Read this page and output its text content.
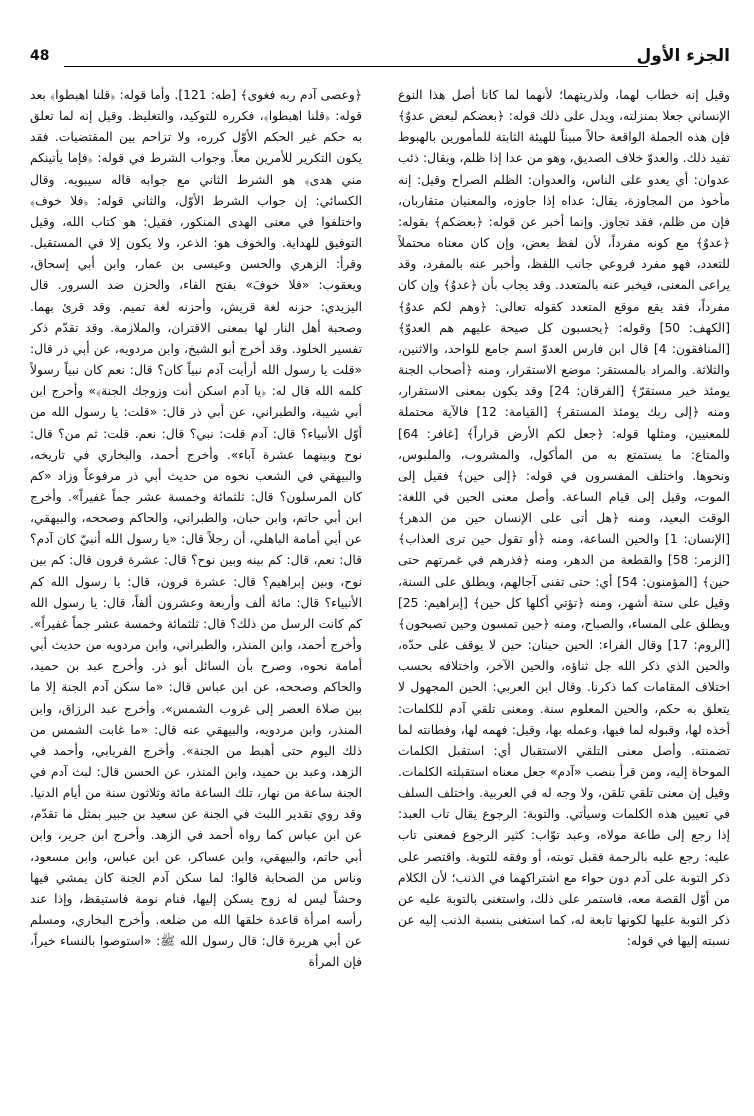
الجزء الأول
48

وقيل إنه خطاب لهما، ولذريتهما؛ لأنهما لما كانا أصل هذا النوع الإنساني جعلا بمنزلته، ويدل على ذلك قوله: ﴿بعضكم لبعض عدوٌ﴾ فإن هذه الجملة الواقعة حالاً مبيناً للهيئة الثابتة للمأمورين بالهبوط تفيد ذلك. والعدوّ خلاف الصديق، وهو من عدا إذا ظلم، ويقال: ذئب عدوان: أي يعدو على الناس، والعدوان: الظلم الصراح وقيل: إنه مأخوذ من المجاوزة، يقال: عداه إذا جاوزه، والمعنيان متقاربان، فإن من ظلم، فقد تجاوز. وإنما أخبر عن قوله: ﴿بعضكم﴾ بقوله: ﴿عدوٌ﴾ مع كونه مفرداً، لأن لفظ بعض، وإن كان معناه محتملاً للتعدد، فهو مفرد فروعي جانب اللفظ، وأخبر عنه بالمفرد، وقد يراعى المعنى، فيخبر عنه بالمتعدد. وقد يجاب بأن ﴿عدوٌ﴾ وإن كان مفرداً، فقد يقع موقع المتعدد كقوله تعالى: ﴿وهم لكم عدوٌ﴾ [الكهف: 50] وقوله: ﴿يحسبون كل صيحة عليهم هم العدوّ﴾ [المنافقون: 4] قال ابن فارس العدوّ اسم جامع للواحد، والاثنين، والثلاثة. والمراد بالمستقر: موضع الاستقرار، ومنه ﴿أصحاب الجنة يومئذ خير مستقرّ﴾ [الفرقان: 24] وقد يكون بمعنى الاستقرار، ومنه ﴿إلى ربك يومئذ المستقر﴾ [القيامة: 12] فالآية محتملة للمعنيين، ومثلها قوله: ﴿جعل لكم الأرض قراراً﴾ [غافر: 64] والمتاع: ما يستمتع به من المأكول، والمشروب، والملبوس، ونحوها. واختلف المفسرون في قوله: ﴿إلى حين﴾ فقيل إلى الموت، وقيل إلى قيام الساعة. وأصل معنى الحين في اللغة: الوقت البعيد، ومنه ﴿هل أتى على الإنسان حين من الدهر﴾ [الإنسان: 1] والحين الساعة، ومنه ﴿أو تقول حين ترى العذاب﴾ [الزمر: 58] والقطعة من الدهر، ومنه ﴿فذرهم في غمرتهم حتى حين﴾ [المؤمنون: 54] أي: حتى تفنى آجالهم، ويطلق على السنة، وقيل على ستة أشهر، ومنه ﴿تؤتي أكلها كل حين﴾ [إبراهيم: 25] ويطلق على المساء، والصباح، ومنه ﴿حين تمسون وحين تصبحون﴾ [الروم: 17] وقال الفراء: الحين حينان: حين لا يوقف على حدّه، والحين الذي ذكر الله جل ثناؤه، والحين الآخر، واختلافه بحسب اختلاف المقامات كما ذكرنا. وقال ابن العربي: الحين المجهول لا يتعلق به حكم، والحين المعلوم سنة. ومعنى تلقي آدم للكلمات: أخذه لها، وقبوله لما فيها، وعمله بها، وقيل: فهمه لها، وفطانته لما تضمنته. وأصل معنى التلقي الاستقبال أي: استقبل الكلمات الموحاة إليه، ومن قرأ بنصب «آدم» جعل معناه استقبلته الكلمات. وقيل إن معنى تلقي تلقن، ولا وجه له في العربية. واختلف السلف في تعيين هذه الكلمات وسيأتي. والتوبة: الرجوع يقال تاب العبد: إذا رجع إلى طاعة مولاه، وعبد توّاب: كثير الرجوع فمعنى تاب عليه: رجع عليه بالرحمة فقبل توبته، أو وفقه للتوبة. واقتصر على ذكر التوبة على آدم دون حواء مع اشتراكهما في الذنب؛ لأن الكلام من أوّل القصة معه، فاستمر على ذلك، واستغنى بالتوبة عليه عن ذكر التوبة عليها لكونها تابعة له، كما استغنى بنسبة الذنب إليه عن نسبته إليها في قوله:

﴿وعصى آدم ربه فغوى﴾ [طه: 121]. وأما قوله: ﴿قلنا اهبطوا﴾ بعد قوله: ﴿قلنا اهبطوا﴾، فكرره للتوكيد، والتغليظ. وقيل إنه لما تعلق به حكم غير الحكم الأوّل كرره، ولا تزاحم بين المقتضيات. فقد يكون التكرير للأمرين معاً. وجواب الشرط في قوله: ﴿فإما يأتينكم مني هدى﴾ هو الشرط الثاني مع جوابه قاله سيبويه. وقال الكسائي: إن جواب الشرط الأوّل، والثاني قوله: ﴿فلا خوف﴾ واختلفوا في معنى الهدى المنكور، فقيل: هو كتاب الله، وقيل التوفيق للهداية. والخوف هو: الذعر، ولا يكون إلا في المستقبل. وقرأ: الزهري والحسن وعيسى بن عمار، وابن أبي إسحاق، ويعقوب: «فلا خوفَ» بفتح الفاء، والحزن ضد السرور. قال اليزيدي: حزنه لغة قريش، وأحزنه لغة تميم. وقد قرئ بهما. وصحبة أهل النار لها بمعنى الاقتران، والملازمة. وقد تقدّم ذكر تفسير الخلود. وقد أخرج أبو الشيخ، وابن مردويه، عن أبي ذر قال: «قلت يا رسول الله أرأيت آدم نبياً كان؟ قال: نعم كان نبياً رسولاً كلمه الله قال له: ﴿يا آدم اسكن أنت وزوجك الجنة﴾» وأخرج ابن أبي شيبة، والطبراني، عن أبي ذر قال: «قلت: يا رسول الله من أوّل الأنبياء؟ قال: آدم قلت: نبي؟ قال: نعم. قلت: ثم من؟ قال: نوح وبينهما عشرة آباء». وأخرج أحمد، والبخاري في تاريخه، والبيهقي في الشعب نحوه من حديث أبي ذر مرفوعاً وزاد «كم كان المرسلون؟ قال: ثلثمائة وخمسة عشر جماً غفيراً». وأخرج ابن أبي حاتم، وابن حبان، والطبراني، والحاكم وصححه، والبيهقي، عن أبي أمامة الباهلي، أن رجلاً قال: «يا رسول الله أنبيّ كان آدم؟ قال: نعم، قال: كم بينه وبين نوح؟ قال: عشرة قرون قال: كم بين نوح، وبين إبراهيم؟ قال: عشرة قرون، قال: يا رسول الله كم الأنبياء؟ قال: مائة ألف وأربعة وعشرون ألفاً، قال: يا رسول الله كم كانت الرسل من ذلك؟ قال: ثلثمائة وخمسة عشر جماً غفيراً». وأخرج أحمد، وابن المنذر، والطبراني، وابن مردويه من حديث أبي أمامة نحوه، وصرح بأن السائل أبو ذر. وأخرج عبد بن حميد، والحاكم وصححه، عن ابن عباس قال: «ما سكن آدم الجنة إلا ما بين صلاة العصر إلى غروب الشمس». وأخرج عبد الرزاق، وابن المنذر، وابن مردويه، والبيهقي عنه قال: «ما غابت الشمس من ذلك اليوم حتى أهبط من الجنة». وأخرج الفريابي، وأحمد في الزهد، وعبد بن حميد، وابن المنذر، عن الحسن قال: لبث آدم في الجنة ساعة من نهار، تلك الساعة مائة وثلاثون سنة من أيام الدنيا. وقد روي تقدير اللبث في الجنة عن سعيد بن جبير بمثل ما تقدّم، عن ابن عباس كما رواه أحمد في الزهد. وأخرج ابن جرير، وابن أبي حاتم، والبيهقي، وابن عساكر، عن ابن عباس، وابن مسعود، وناس من الصحابة قالوا: لما سكن آدم الجنة كان يمشي فيها وحشاً ليس له زوج يسكن إليها، فنام نومة فاستيقظ، وإذا عند رأسه امرأة قاعدة خلقها الله من ضلعه. وأخرج البخاري، ومسلم عن أبي هريرة قال: قال رسول الله ﷺ: «استوصوا بالنساء خيراً، فإن المرأة
